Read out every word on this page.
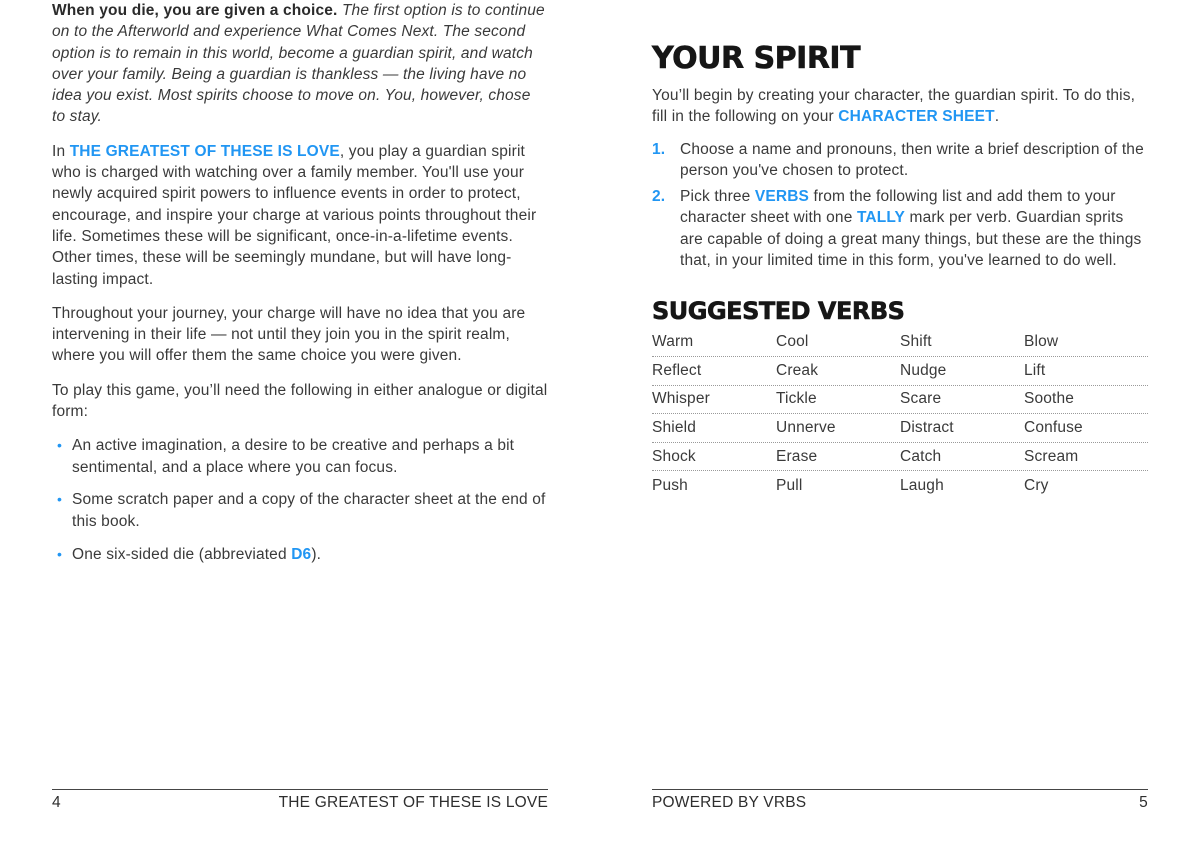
When you die, you are given a choice. The first option is to continue on to the Afterworld and experience What Comes Next. The second option is to remain in this world, become a guardian spirit, and watch over your family. Being a guardian is thankless — the living have no idea you exist. Most spirits choose to move on. You, however, chose to stay.

In THE GREATEST OF THESE IS LOVE, you play a guardian spirit who is charged with watching over a family member. You'll use your newly acquired spirit powers to influence events in order to protect, encourage, and inspire your charge at various points throughout their life. Sometimes these will be significant, once-in-a-lifetime events. Other times, these will be seemingly mundane, but will have long-lasting impact.

Throughout your journey, your charge will have no idea that you are intervening in their life — not until they join you in the spirit realm, where you will offer them the same choice you were given.

To play this game, you’ll need the following in either analogue or digital form:

• An active imagination, a desire to be creative and perhaps a bit sentimental, and a place where you can focus.
• Some scratch paper and a copy of the character sheet at the end of this book.
• One six-sided die (abbreviated D6).
4	THE GREATEST OF THESE IS LOVE
YOUR SPIRIT

You’ll begin by creating your character, the guardian spirit. To do this, fill in the following on your CHARACTER SHEET.

1. Choose a name and pronouns, then write a brief description of the person you've chosen to protect.
2. Pick three VERBS from the following list and add them to your character sheet with one TALLY mark per verb. Guardian sprits are capable of doing a great many things, but these are the things that, in your limited time in this form, you've learned to do well.
SUGGESTED VERBS
Warm	Cool	Shift	Blow
Reflect	Creak	Nudge	Lift
Whisper	Tickle	Scare	Soothe
Shield	Unnerve	Distract	Confuse
Shock	Erase	Catch	Scream
Push	Pull	Laugh	Cry
POWERED BY VRBS	5
